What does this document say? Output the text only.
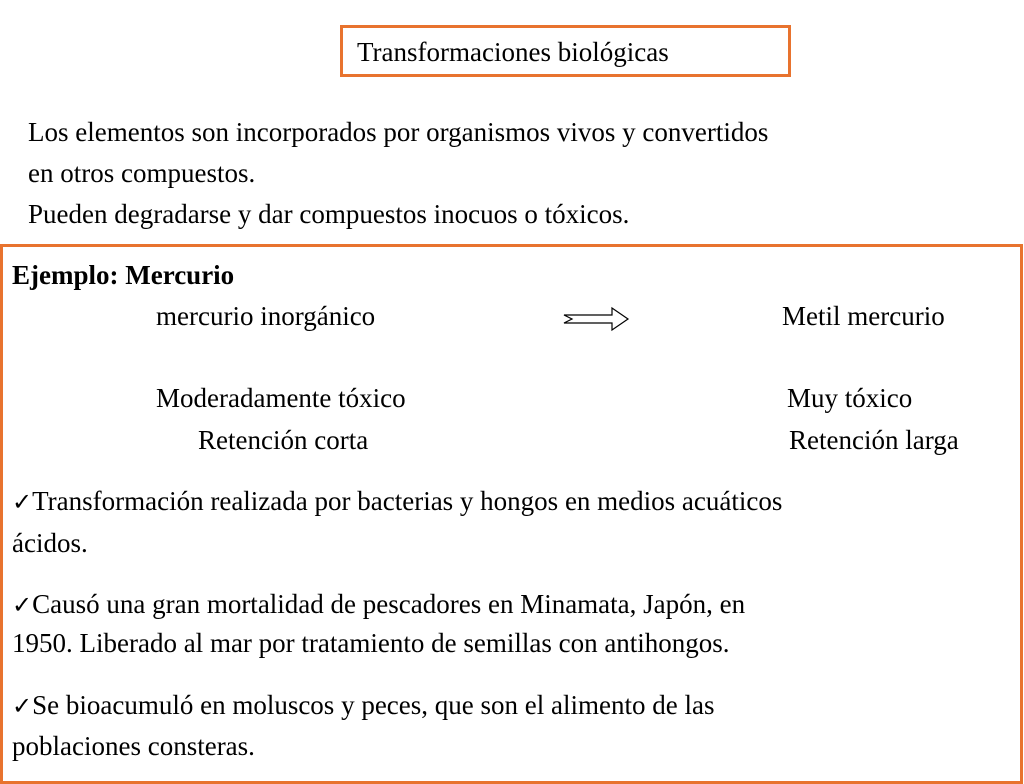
Transformaciones biológicas
Los elementos son incorporados por organismos vivos y convertidos
en otros compuestos.
Pueden degradarse y dar compuestos inocuos o tóxicos.
Ejemplo: Mercurio
mercurio inorgánico	Metil mercurio
Moderadamente tóxico	Muy tóxico
Retención corta	Retención larga
✓Transformación realizada por bacterias y hongos en medios acuáticos
ácidos.
✓Causó una gran mortalidad de pescadores en Minamata, Japón, en
1950. Liberado al mar por tratamiento de semillas con antihongos.
✓Se bioacumuló en moluscos y peces, que son el alimento de las
poblaciones consteras.
